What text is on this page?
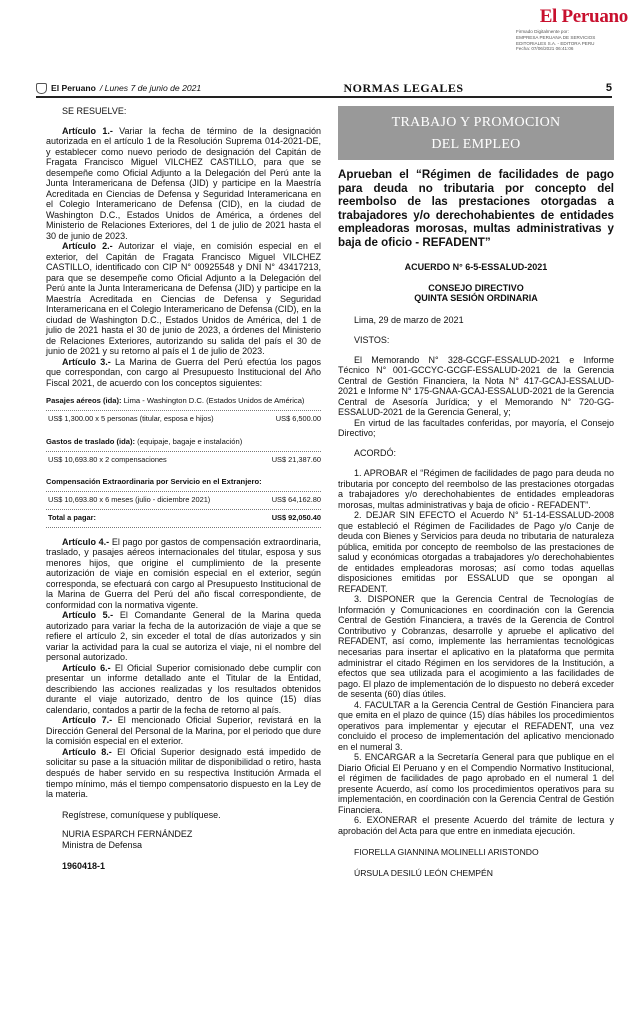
El Peruano
Firmado Digitalmente por:
EMPRESA PERUANA DE SERVICIOS
EDITORIALES S.A. - EDITORA PERU
Fecha: 07/06/2021 06:41:06
El Peruano / Lunes 7 de junio de 2021	NORMAS LEGALES	5

SE RESUELVE:

Artículo 1.- Variar la fecha de término de la designación autorizada en el artículo 1 de la Resolución Suprema 014-2021-DE, y establecer como nuevo periodo de designación del Capitán de Fragata Francisco Miguel VILCHEZ CASTILLO, para que se desempeñe como Oficial Adjunto a la Delegación del Perú ante la Junta Interamericana de Defensa (JID) y participe en la Maestría Acreditada en Ciencias de Defensa y Seguridad Interamericana en el Colegio Interamericano de Defensa (CID), en la ciudad de Washington D.C., Estados Unidos de América, a órdenes del Ministerio de Relaciones Exteriores, del 1 de julio de 2021 hasta el 30 de junio de 2023.

Artículo 2.- Autorizar el viaje, en comisión especial en el exterior, del Capitán de Fragata Francisco Miguel VILCHEZ CASTILLO, identificado con CIP N° 00925548 y DNI N° 43417213, para que se desempeñe como Oficial Adjunto a la Delegación del Perú ante la Junta Interamericana de Defensa (JID) y participe en la Maestría Acreditada en Ciencias de Defensa y Seguridad Interamericana en el Colegio Interamericano de Defensa (CID), en la ciudad de Washington D.C., Estados Unidos de América, del 1 de julio de 2021 hasta el 30 de junio de 2023, a órdenes del Ministerio de Relaciones Exteriores, autorizando su salida del país el 30 de junio de 2021 y su retorno al país el 1 de julio de 2023.

Artículo 3.- La Marina de Guerra del Perú efectúa los pagos que correspondan, con cargo al Presupuesto Institucional del Año Fiscal 2021, de acuerdo con los conceptos siguientes:

Pasajes aéreos (ida): Lima - Washington D.C. (Estados Unidos de América)
US$ 1,300.00 x 5 personas (titular, esposa e hijos)	US$ 6,500.00
Gastos de traslado (ida): (equipaje, bagaje e instalación)
US$ 10,693.80 x 2 compensaciones	US$ 21,387.60
Compensación Extraordinaria por Servicio en el Extranjero:
US$ 10,693.80 x 6 meses (julio - diciembre 2021)	US$ 64,162.80
Total a pagar:	US$ 92,050.40

Artículo 4.- El pago por gastos de compensación extraordinaria, traslado, y pasajes aéreos internacionales del titular, esposa y sus menores hijos, que origine el cumplimiento de la presente autorización de viaje en comisión especial en el exterior, según corresponda, se efectuará con cargo al Presupuesto Institucional de la Marina de Guerra del Perú del año fiscal correspondiente, de conformidad con la normativa vigente.

Artículo 5.- El Comandante General de la Marina queda autorizado para variar la fecha de la autorización de viaje a que se refiere el artículo 2, sin exceder el total de días autorizados y sin variar la actividad para la cual se autoriza el viaje, ni el nombre del personal autorizado.

Artículo 6.- El Oficial Superior comisionado debe cumplir con presentar un informe detallado ante el Titular de la Entidad, describiendo las acciones realizadas y los resultados obtenidos durante el viaje autorizado, dentro de los quince (15) días calendario, contados a partir de la fecha de retorno al país.

Artículo 7.- El mencionado Oficial Superior, revistará en la Dirección General del Personal de la Marina, por el periodo que dure la comisión especial en el exterior.

Artículo 8.- El Oficial Superior designado está impedido de solicitar su pase a la situación militar de disponibilidad o retiro, hasta después de haber servido en su respectiva Institución Armada el tiempo mínimo, más el tiempo compensatorio dispuesto en la Ley de la materia.

Regístrese, comuníquese y publíquese.

NURIA ESPARCH FERNÁNDEZ

Ministra de Defensa

1960418-1

TRABAJO Y PROMOCION
DEL EMPLEO

Aprueban el “Régimen de facilidades de pago para deuda no tributaria por concepto del reembolso de las prestaciones otorgadas a trabajadores y/o derechohabientes de entidades empleadoras morosas, multas administrativas y baja de oficio - REFADENT”

ACUERDO N° 6-5-ESSALUD-2021

CONSEJO DIRECTIVO

QUINTA SESIÓN ORDINARIA

Lima, 29 de marzo de 2021

VISTOS:

El Memorando N° 328-GCGF-ESSALUD-2021 e Informe Técnico N° 001-GCCYC-GCGF-ESSALUD-2021 de la Gerencia Central de Gestión Financiera, la Nota N° 417-GCAJ-ESSALUD-2021 e Informe N° 175-GNAA-GCAJ-ESSALUD-2021 de la Gerencia Central de Asesoría Jurídica; y el Memorando N° 720-GG-ESSALUD-2021 de la Gerencia General, y;

En virtud de las facultades conferidas, por mayoría, el Consejo Directivo;

ACORDÓ:

1. APROBAR el “Régimen de facilidades de pago para deuda no tributaria por concepto del reembolso de las prestaciones otorgadas a trabajadores y/o derechohabientes de entidades empleadoras morosas, multas administrativas y baja de oficio - REFADENT”.

2. DEJAR SIN EFECTO el Acuerdo N° 51-14-ESSALUD-2008 que estableció el Régimen de Facilidades de Pago y/o Canje de deuda con Bienes y Servicios para deuda no tributaria de naturaleza pública, emitida por concepto de reembolso de las prestaciones de salud y económicas otorgadas a trabajadores y/o derechohabientes de entidades empleadoras morosas; así como todas aquellas disposiciones emitidas por ESSALUD que se opongan al REFADENT.

3. DISPONER que la Gerencia Central de Tecnologías de Información y Comunicaciones en coordinación con la Gerencia Central de Gestión Financiera, a través de la Gerencia de Control Contributivo y Cobranzas, desarrolle y apruebe el aplicativo del REFADENT, así como, implemente las herramientas tecnológicas necesarias para insertar el aplicativo en la plataforma que permita administrar el citado Régimen en los servidores de la Institución, a efectos que sea utilizada para el acogimiento a las facilidades de pago. El plazo de implementación de lo dispuesto no deberá exceder de sesenta (60) días útiles.

4. FACULTAR a la Gerencia Central de Gestión Financiera para que emita en el plazo de quince (15) días hábiles los procedimientos operativos para implementar y ejecutar el REFADENT, una vez concluido el proceso de implementación del aplicativo mencionado en el numeral 3.

5. ENCARGAR a la Secretaría General para que publique en el Diario Oficial El Peruano y en el Compendio Normativo Institucional, el régimen de facilidades de pago aprobado en el numeral 1 del presente Acuerdo, así como los procedimientos operativos para su implementación, en coordinación con la Gerencia Central de Gestión Financiera.

6. EXONERAR el presente Acuerdo del trámite de lectura y aprobación del Acta para que entre en inmediata ejecución.

FIORELLA GIANNINA MOLINELLI ARISTONDO

ÚRSULA DESILÚ LEÓN CHEMPÉN
